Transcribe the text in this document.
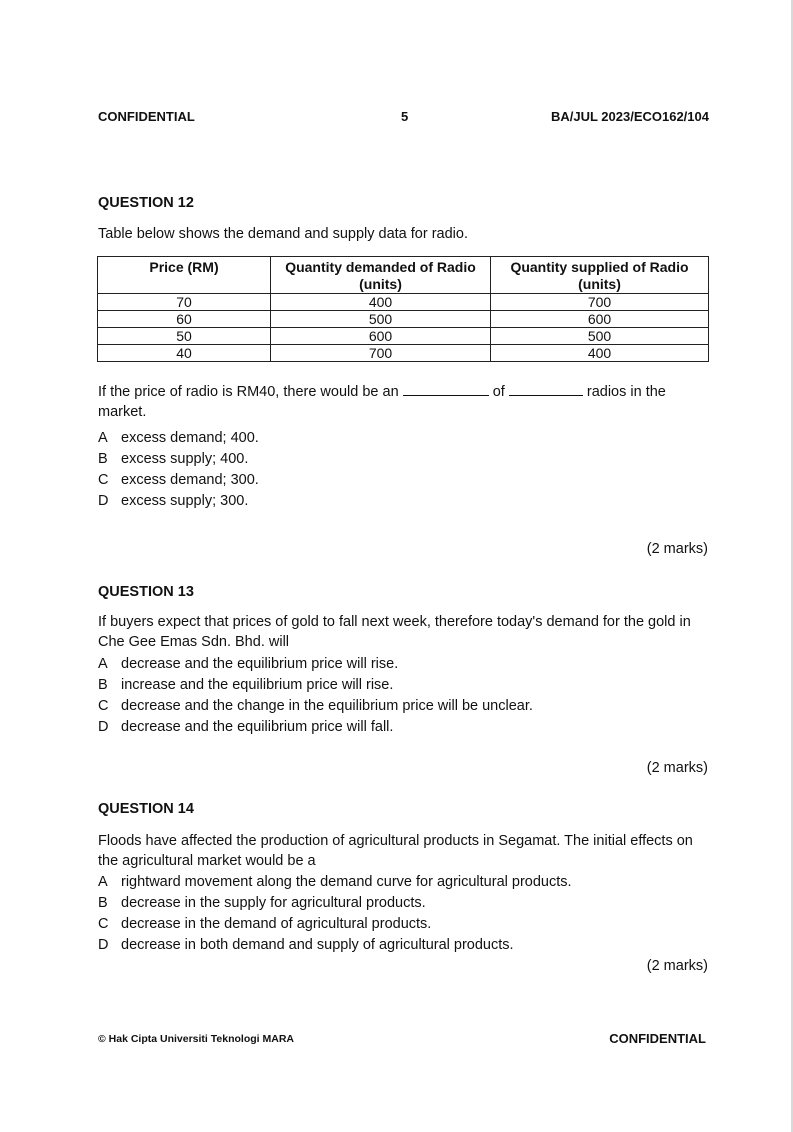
CONFIDENTIAL	5	BA/JUL 2023/ECO162/104
QUESTION 12
Table below shows the demand and supply data for radio.
Price (RM)	Quantity demanded of Radio (units)	Quantity supplied of Radio (units)
70	400	700
60	500	600
50	600	500
40	700	400
If the price of radio is RM40, there would be an	of	radios in the market.
A excess demand; 400.
B excess supply; 400.
C excess demand; 300.
D excess supply; 300.
(2 marks)
QUESTION 13
If buyers expect that prices of gold to fall next week, therefore today's demand for the gold in Che Gee Emas Sdn. Bhd. will
A decrease and the equilibrium price will rise.
B increase and the equilibrium price will rise.
C decrease and the change in the equilibrium price will be unclear.
D decrease and the equilibrium price will fall.
(2 marks)
QUESTION 14
Floods have affected the production of agricultural products in Segamat. The initial effects on the agricultural market would be a
A rightward movement along the demand curve for agricultural products.
B decrease in the supply for agricultural products.
C decrease in the demand of agricultural products.
D decrease in both demand and supply of agricultural products.
(2 marks)
© Hak Cipta Universiti Teknologi MARA	CONFIDENTIAL
